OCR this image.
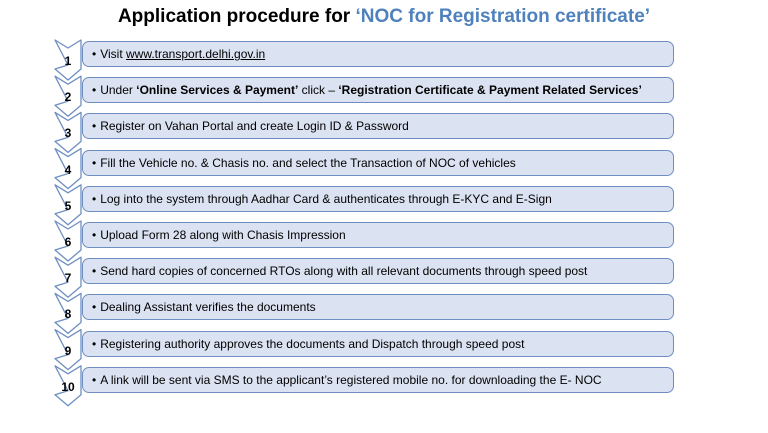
Application procedure for ‘NOC for Registration certificate’
1	• Visit www.transport.delhi.gov.in
2	• Under ‘Online Services & Payment’ click – ‘Registration Certificate & Payment Related Services’
3	• Register on Vahan Portal and create Login ID & Password
4	• Fill the Vehicle no. & Chasis no. and select the Transaction of NOC of vehicles
5	• Log into the system through Aadhar Card & authenticates through E-KYC and E-Sign
6	• Upload Form 28 along with Chasis Impression
7	• Send hard copies of concerned RTOs along with all relevant documents through speed post
8	• Dealing Assistant verifies the documents
9	• Registering authority approves the documents and Dispatch through speed post
10	• A link will be sent via SMS to the applicant’s registered mobile no. for downloading the E- NOC
